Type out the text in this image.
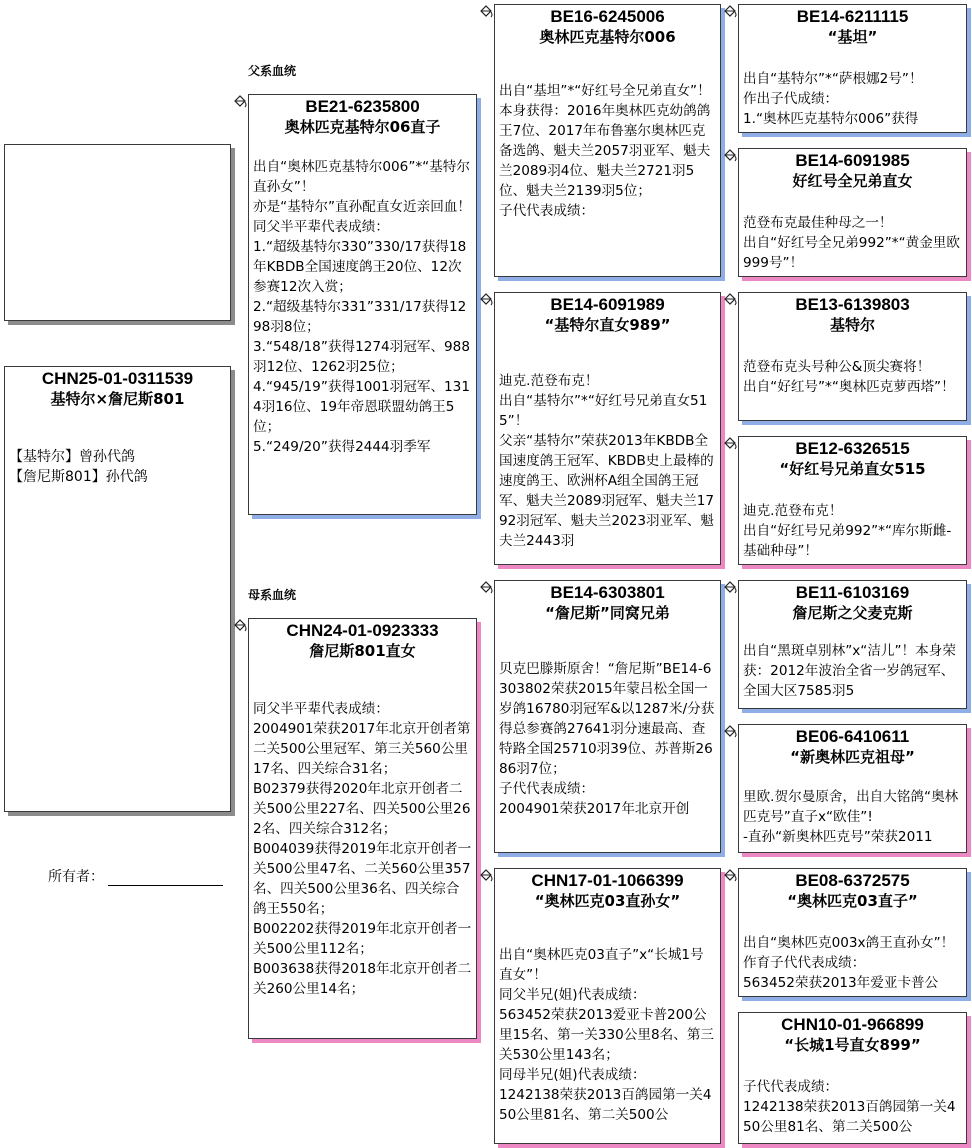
父系血统
母系血统
CHN25-01-0311539
基特尔×詹尼斯801
【基特尔】曾孙代鸽
【詹尼斯801】孙代鸽
所有者：
BE21-6235800
奥林匹克基特尔06直子
出自“奥林匹克基特尔006”*“基特尔直孙女”！
亦是“基特尔”直孙配直女近亲回血！
同父半平辈代表成绩：
1.“超级基特尔330”330/17获得18年KBDB全国速度鸽王20位、12次参赛12次入赏；
2.“超级基特尔331”331/17获得1298羽8位；
3.“548/18”获得1274羽冠军、988羽12位、1262羽25位；
4.“945/19”获得1001羽冠军、1314羽16位、19年帝恩联盟幼鸽王5位；
5.“249/20”获得2444羽季军
CHN24-01-0923333
詹尼斯801直女
同父半平辈代表成绩：
2004901荣获2017年北京开创者第二关500公里冠军、第三关560公里17名、四关综合31名；
B02379获得2020年北京开创者二关500公里227名、四关500公里262名、四关综合312名；
B004039获得2019年北京开创者一关500公里47名、二关560公里357名、四关500公里36名、四关综合鸽王550名；
B002202获得2019年北京开创者一关500公里112名；
B003638获得2018年北京开创者二关260公里14名；
BE16-6245006
奥林匹克基特尔006
出自“基坦”*“好红号全兄弟直女”！
本身获得：2016年奥林匹克幼鸽鸽王7位、2017年布鲁塞尔奥林匹克备选鸽、魁夫兰2057羽亚军、魁夫兰2089羽4位、魁夫兰2721羽5位、魁夫兰2139羽5位；
子代代表成绩：
BE14-6091989
“基特尔直女989”
迪克.范登布克！
出自“基特尔”*“好红号兄弟直女515”！
父亲“基特尔”荣获2013年KBDB全国速度鸽王冠军、KBDB史上最棒的速度鸽王、欧洲杯A组全国鸽王冠军、魁夫兰2089羽冠军、魁夫兰1792羽冠军、魁夫兰2023羽亚军、魁夫兰2443羽
BE14-6303801
“詹尼斯”同窝兄弟
贝克巴滕斯原舍！“詹尼斯”BE14-6303802荣获2015年蒙吕松全国一岁鸽16780羽冠军&以1287米/分获得总参赛鸽27641羽分速最高、查特路全国25710羽39位、苏普斯2686羽7位；
子代代表成绩：
2004901荣获2017年北京开创
CHN17-01-1066399
“奥林匹克03直孙女”
出自“奥林匹克03直子”x“长城1号直女”！
同父半兄(姐)代表成绩：
563452荣获2013爱亚卡普200公里15名、第一关330公里8名、第三关530公里143名；
同母半兄(姐)代表成绩：
1242138荣获2013百鸽园第一关450公里81名、第二关500公
BE14-6211115
“基坦”
出自“基特尔”*“萨根娜2号”！
作出子代成绩：
1.“奥林匹克基特尔006”获得
BE14-6091985
好红号全兄弟直女
范登布克最佳种母之一！
出自“好红号全兄弟992”*“黄金里欧999号”！
BE13-6139803
基特尔
范登布克头号种公&顶尖赛将！
出自“好红号”*“奥林匹克萝西塔”！
BE12-6326515
“好红号兄弟直女515
迪克.范登布克！
出自“好红号兄弟992”*“库尔斯雌-基础种母”！
BE11-6103169
詹尼斯之父麦克斯
出自“黑斑卓别林”x“洁儿”！本身荣获：2012年波治全省一岁鸽冠军、全国大区7585羽5
BE06-6410611
“新奥林匹克祖母”
里欧.贺尔曼原舍，出自大铭鸽“奥林匹克号”直子x“欧佳”!
-直孙“新奥林匹克号”荣获2011
BE08-6372575
“奥林匹克03直子”
出自“奥林匹克003x鸽王直孙女”！作育子代代表成绩：
563452荣获2013年爱亚卡普公
CHN10-01-966899
“长城1号直女899”
子代代表成绩：
1242138荣获2013百鸽园第一关450公里81名、第二关500公
